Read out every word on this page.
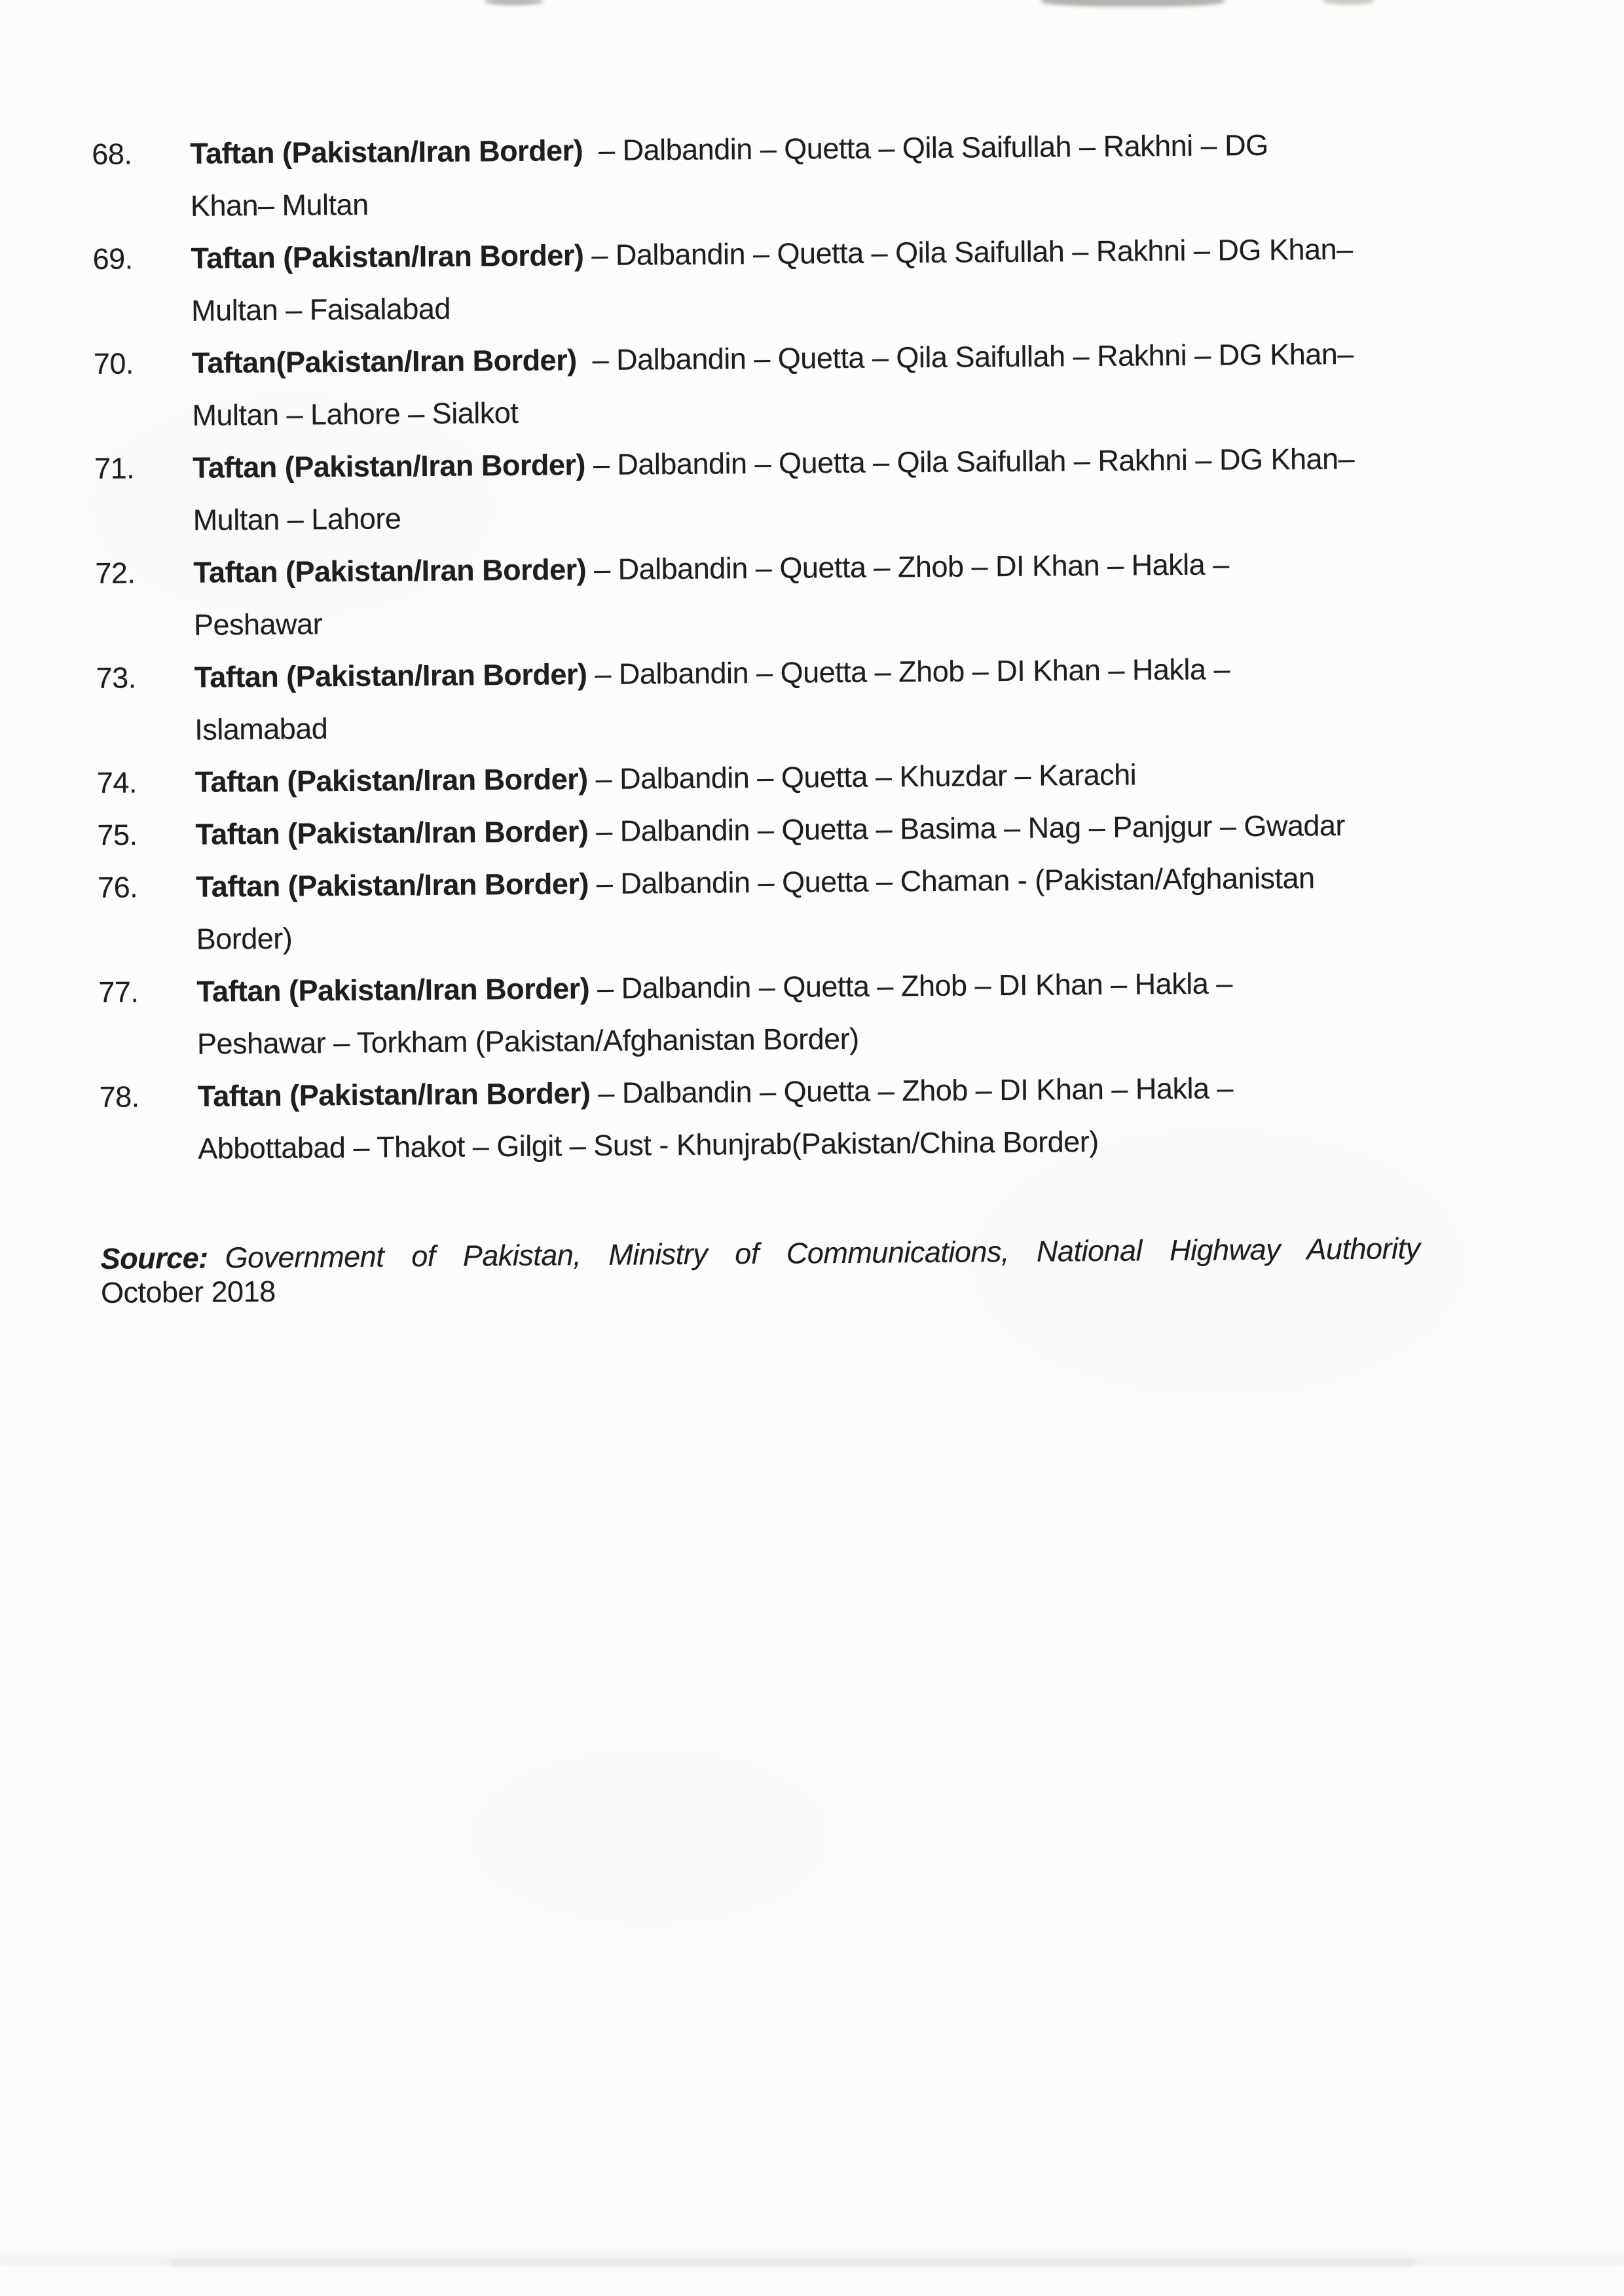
68.	Taftan (Pakistan/Iran Border)  – Dalbandin – Quetta – Qila Saifullah – Rakhni – DG
Khan– Multan
69.	Taftan (Pakistan/Iran Border) – Dalbandin – Quetta – Qila Saifullah – Rakhni – DG Khan–
Multan – Faisalabad
70.	Taftan(Pakistan/Iran Border)  – Dalbandin – Quetta – Qila Saifullah – Rakhni – DG Khan–
Multan – Lahore – Sialkot
71.	Taftan (Pakistan/Iran Border) – Dalbandin – Quetta – Qila Saifullah – Rakhni – DG Khan–
Multan – Lahore
72.	Taftan (Pakistan/Iran Border) – Dalbandin – Quetta – Zhob – DI Khan – Hakla –
Peshawar
73.	Taftan (Pakistan/Iran Border) – Dalbandin – Quetta – Zhob – DI Khan – Hakla –
Islamabad
74.	Taftan (Pakistan/Iran Border) – Dalbandin – Quetta – Khuzdar – Karachi
75.	Taftan (Pakistan/Iran Border) – Dalbandin – Quetta – Basima – Nag – Panjgur – Gwadar
76.	Taftan (Pakistan/Iran Border) – Dalbandin – Quetta – Chaman - (Pakistan/Afghanistan
Border)
77.	Taftan (Pakistan/Iran Border) – Dalbandin – Quetta – Zhob – DI Khan – Hakla –
Peshawar – Torkham (Pakistan/Afghanistan Border)
78.	Taftan (Pakistan/Iran Border) – Dalbandin – Quetta – Zhob – DI Khan – Hakla –
Abbottabad – Thakot – Gilgit – Sust - Khunjrab(Pakistan/China Border)
Source: Government of Pakistan, Ministry of Communications, National Highway Authority
October 2018
